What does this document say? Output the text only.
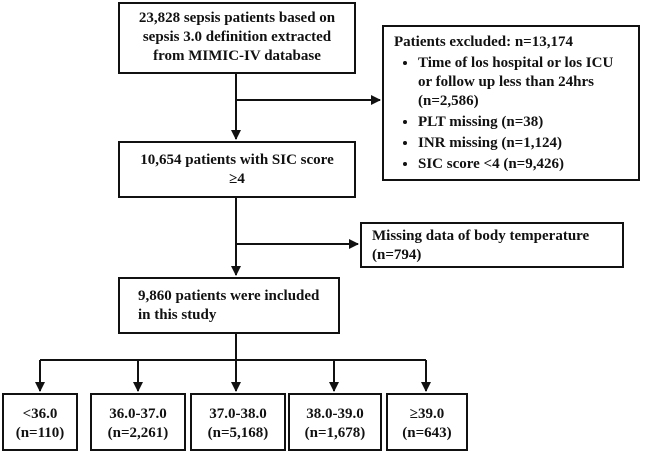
23,828 sepsis patients based on
sepsis 3.0 definition extracted
from MIMIC-IV database
Patients excluded: n=13,174
• Time of los hospital or los ICU or follow up less than 24hrs (n=2,586)
• PLT missing (n=38)
• INR missing (n=1,124)
• SIC score <4 (n=9,426)
10,654 patients with SIC score
≥4
Missing data of body temperature
(n=794)
9,860 patients were included
in this study
<36.0
(n=110)
36.0-37.0
(n=2,261)
37.0-38.0
(n=5,168)
38.0-39.0
(n=1,678)
≥39.0
(n=643)
